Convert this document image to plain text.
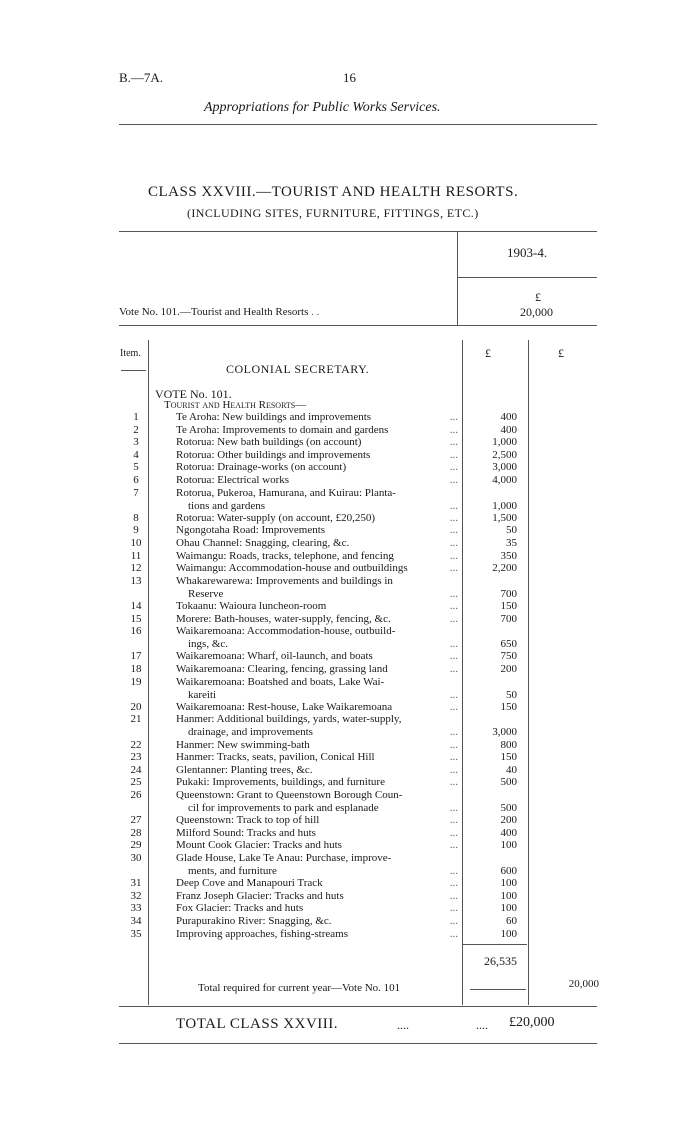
B.—7A.	16
Appropriations for Public Works Services.
CLASS XXVIII.—TOURIST AND HEALTH RESORTS.
(INCLUDING SITES, FURNITURE, FITTINGS, ETC.)
1903-4.
£
Vote No. 101.—Tourist and Health Resorts . .	20,000
Item.	£	£
COLONIAL SECRETARY.
VOTE No. 101.
Tourist and Health Resorts—
1	Te Aroha: New buildings and improvements	...	400
2	Te Aroha: Improvements to domain and gardens	...	400
3	Rotorua: New bath buildings (on account)	...	1,000
4	Rotorua: Other buildings and improvements	...	2,500
5	Rotorua: Drainage-works (on account)	...	3,000
6	Rotorua: Electrical works	...	4,000
7	Rotorua, Pukeroa, Hamurana, and Kuirau: Planta-
tions and gardens	...	1,000
8	Rotorua: Water-supply (on account, £20,250)	...	1,500
9	Ngongotaha Road: Improvements	...	50
10	Ohau Channel: Snagging, clearing, &c.	...	35
11	Waimangu: Roads, tracks, telephone, and fencing	...	350
12	Waimangu: Accommodation-house and outbuildings	...	2,200
13	Whakarewarewa: Improvements and buildings in
Reserve	...	700
14	Tokaanu: Waioura luncheon-room	...	150
15	Morere: Bath-houses, water-supply, fencing, &c.	...	700
16	Waikaremoana: Accommodation-house, outbuild-
ings, &c.	...	650
17	Waikaremoana: Wharf, oil-launch, and boats	...	750
18	Waikaremoana: Clearing, fencing, grassing land	...	200
19	Waikaremoana: Boatshed and boats, Lake Wai-
kareiti	...	50
20	Waikaremoana: Rest-house, Lake Waikaremoana	...	150
21	Hanmer: Additional buildings, yards, water-supply,
drainage, and improvements	...	3,000
22	Hanmer: New swimming-bath	...	800
23	Hanmer: Tracks, seats, pavilion, Conical Hill	...	150
24	Glentanner: Planting trees, &c.	...	40
25	Pukaki: Improvements, buildings, and furniture	...	500
26	Queenstown: Grant to Queenstown Borough Coun-
cil for improvements to park and esplanade	...	500
27	Queenstown: Track to top of hill	...	200
28	Milford Sound: Tracks and huts	...	400
29	Mount Cook Glacier: Tracks and huts	...	100
30	Glade House, Lake Te Anau: Purchase, improve-
ments, and furniture	...	600
31	Deep Cove and Manapouri Track	...	100
32	Franz Joseph Glacier: Tracks and huts	...	100
33	Fox Glacier: Tracks and huts	...	100
34	Purapurakino River: Snagging, &c.	...	60
35	Improving approaches, fishing-streams	...	100
26,535
Total required for current year—Vote No. 101	20,000
TOTAL CLASS XXVIII.	....	.... £20,000
